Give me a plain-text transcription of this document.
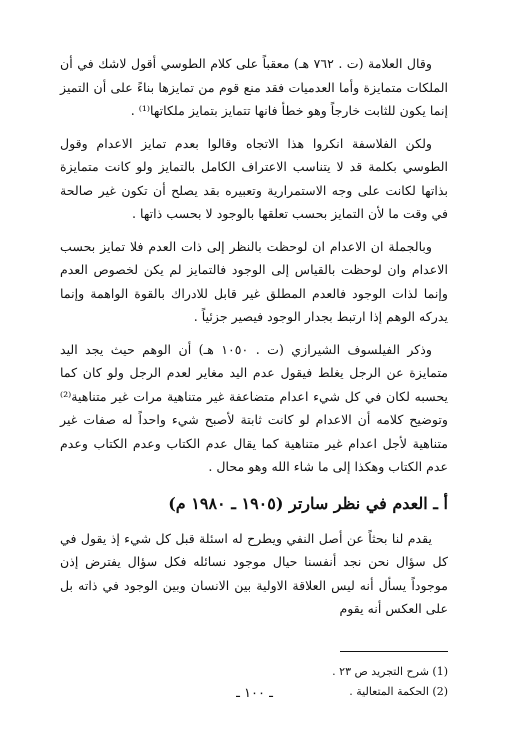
وقال العلامة (ت . ٧٦٢ هـ) معقباً على كلام الطوسي أقول لاشك في أن الملكات متمايزة وأما العدميات فقد منع قوم من تمايزها بناءً على أن التميز إنما يكون للثابت خارجاً وهو خطأ فانها تتمايز بتمايز ملكاتها⁽¹⁾ .

ولكن الفلاسفة انكروا هذا الاتجاه وقالوا بعدم تمايز الاعدام وقول الطوسي بكلمة قد لا يتناسب الاعتراف الكامل بالتمايز ولو كانت متمايزة بذاتها لكانت على وجه الاستمرارية وتعبيره بقد يصلح أن تكون غير صالحة في وقت ما لأن التمايز بحسب تعلقها بالوجود لا بحسب ذاتها .

وبالجملة ان الاعدام ان لوحظت بالنظر إلى ذات العدم فلا تمايز بحسب الاعدام وان لوحظت بالقياس إلى الوجود فالتمايز لم يكن لخصوص العدم وإنما لذات الوجود فالعدم المطلق غير قابل للادراك بالقوة الواهمة وإنما يدركه الوهم إذا ارتبط بجدار الوجود فيصير جزئياً .

وذكر الفيلسوف الشيرازي (ت . ١٠٥٠ هـ) أن الوهم حيث يجد اليد متمايزة عن الرجل يغلط فيقول عدم اليد مغاير لعدم الرجل ولو كان كما يحسبه لكان في كل شيء اعدام متضاعفة غير متناهية مرات غير متناهية⁽²⁾ وتوضيح كلامه أن الاعدام لو كانت ثابتة لأصبح شيء واحداً له صفات غير متناهية لأجل اعدام غير متناهية كما يقال عدم الكتاب وعدم الكتاب وعدم عدم الكتاب وهكذا إلى ما شاء الله وهو محال .

أ ـ العدم في نظر سارتر (١٩٠٥ ـ ١٩٨٠ م)

يقدم لنا بحثاً عن أصل النفي ويطرح له اسئلة قبل كل شيء إذ يقول في كل سؤال نحن نجد أنفسنا حيال موجود نسائله فكل سؤال يفترض إذن موجوداً يسأل أنه ليس العلاقة الاولية بين الانسان وبين الوجود في ذاته بل على العكس أنه يقوم

(1) شرح التجريد ص ٢٣ .

(2) الحكمة المتعالية .

ـ ١٠٠ ـ
